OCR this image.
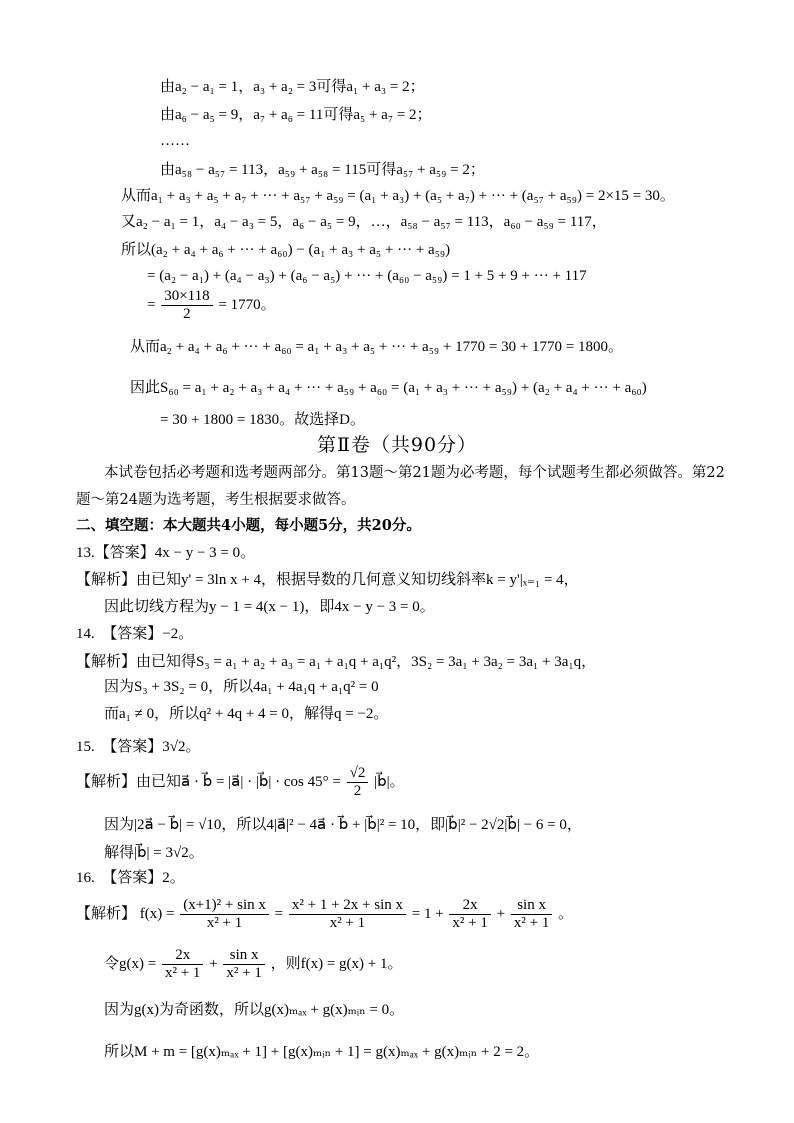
由a₂ − a₁ = 1，a₃ + a₂ = 3可得a₁ + a₃ = 2；
由a₆ − a₅ = 9，a₇ + a₆ = 11可得a₅ + a₇ = 2；
……
由a₅₈ − a₅₇ = 113，a₅₉ + a₅₈ = 115可得a₅₇ + a₅₉ = 2；
从而a₁ + a₃ + a₅ + a₇ + ··· + a₅₇ + a₅₉ = (a₁ + a₃) + (a₅ + a₇) + ··· + (a₅₇ + a₅₉) = 2×15 = 30。
又a₂ − a₁ = 1，a₄ − a₃ = 5，a₆ − a₅ = 9，…，a₅₈ − a₅₇ = 113，a₆₀ − a₅₉ = 117，
所以(a₂ + a₄ + a₆ + ··· + a₆₀) − (a₁ + a₃ + a₅ + ··· + a₅₉)
= (a₂ − a₁) + (a₄ − a₃) + (a₆ − a₅) + ··· + (a₆₀ − a₅₉) = 1 + 5 + 9 + ··· + 117
= $\frac{30\times 118}{2} = 1770$。
从而a₂ + a₄ + a₆ + ··· + a₆₀ = a₁ + a₃ + a₅ + ··· + a₅₉ + 1770 = 30 + 1770 = 1800。
因此S₆₀ = a₁ + a₂ + a₃ + a₄ + ··· + a₅₉ + a₆₀ = (a₁ + a₃ + ··· + a₅₉) + (a₂ + a₄ + ··· + a₆₀)
= 30 + 1800 = 1830。故选择D。
第Ⅱ卷（共90分）
本试卷包括必考题和选考题两部分。第13题～第21题为必考题，每个试题考生都必须做答。第22
题～第24题为选考题，考生根据要求做答。
二、填空题：本大题共4小题，每小题5分，共20分。
13.【答案】4x − y − 3 = 0。
【解析】由已知y' = 3ln x + 4，根据导数的几何意义知切线斜率k = y'|ₓ₌₁ = 4，
因此切线方程为y − 1 = 4(x − 1)，即4x − y − 3 = 0。
14.　【答案】−2。
【解析】由已知得S₃ = a₁ + a₂ + a₃ = a₁ + a₁q + a₁q²，3S₂ = 3a₁ + 3a₂ = 3a₁ + 3a₁q，
因为S₃ + 3S₂ = 0，所以4a₁ + 4a₁q + a₁q² = 0
而a₁ ≠ 0，所以q² + 4q + 4 = 0，解得q = −2。
15.　【答案】3√2。
【解析】由已知a⃗ · b⃗ = |a⃗| · |b⃗| · $\cos 45^\circ = \frac{√2}{2}$ |b⃗|。
因为|2a⃗ − b⃗| = √10，所以4|a⃗|² − 4a⃗ · b⃗ + |b⃗|² = 10，即|b⃗|² − 2√2|b⃗| − 6 = 0，
解得|b⃗| = 3√2。
16.　【答案】2。
【解析】 $f(x) = \frac{\text{(x+1)² + sin x}}{\text{x² + 1}} = \frac{\text{x² + 1 + 2x + sin x}}{\text{x² + 1}} = 1 + \frac{2x}{\text{x² + 1}} + \frac{\text{sin x}}{\text{x² + 1}}$ 。
令$g(x) = \frac{2x}{\text{x² + 1}} + \frac{\text{sin x}}{\text{x² + 1}}$ ，则f(x) = g(x) + 1。
因为g(x)为奇函数，所以g(x)ₘₐₓ + g(x)ₘᵢₙ = 0。
所以M + m = [g(x)ₘₐₓ + 1] + [g(x)ₘᵢₙ + 1] = g(x)ₘₐₓ + g(x)ₘᵢₙ + 2 = 2。
